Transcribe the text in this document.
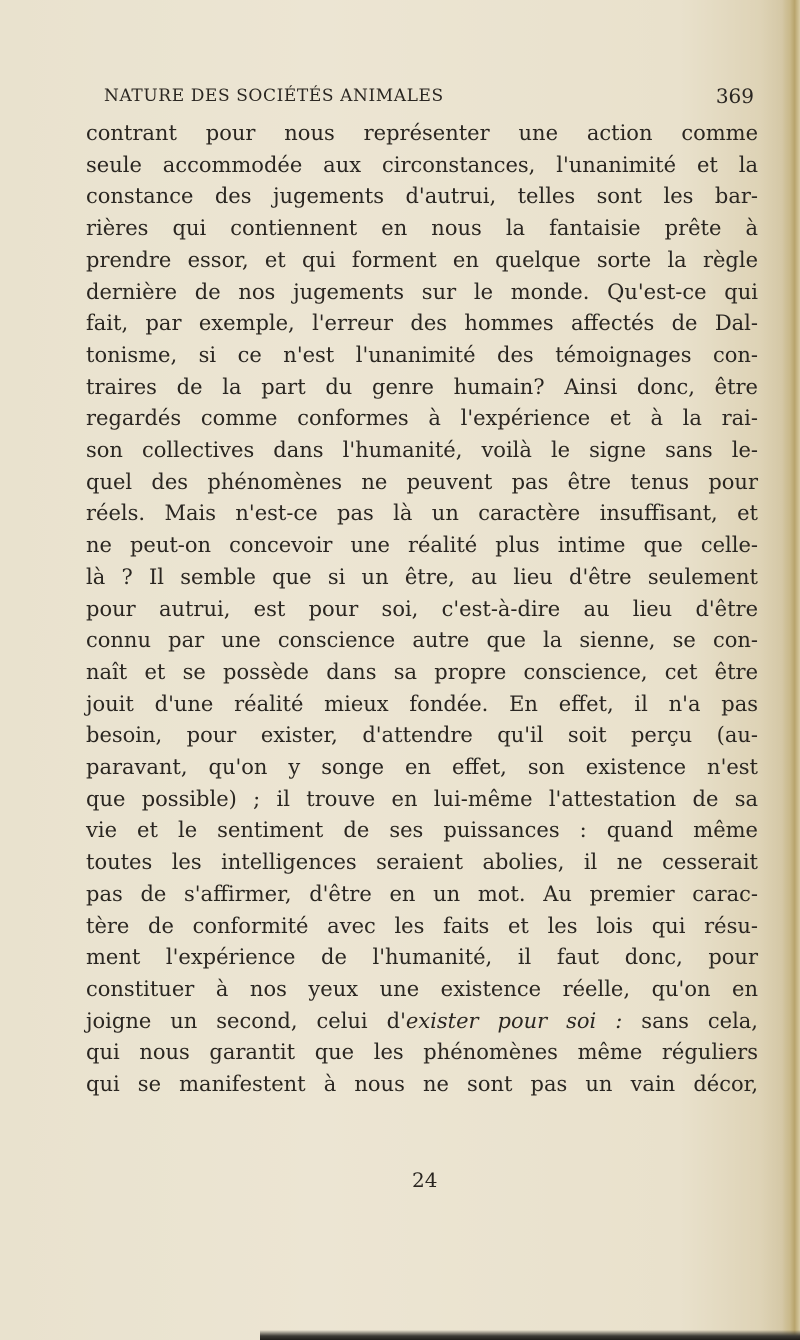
NATURE DES SOCIÉTÉS ANIMALES	369
contrant pour nous représenter une action comme
seule accommodée aux circonstances, l'unanimité et la
constance des jugements d'autrui, telles sont les bar-
rières qui contiennent en nous la fantaisie prête à
prendre essor, et qui forment en quelque sorte la règle
dernière de nos jugements sur le monde. Qu'est-ce qui
fait, par exemple, l'erreur des hommes affectés de Dal-
tonisme, si ce n'est l'unanimité des témoignages con-
traires de la part du genre humain? Ainsi donc, être
regardés comme conformes à l'expérience et à la rai-
son collectives dans l'humanité, voilà le signe sans le-
quel des phénomènes ne peuvent pas être tenus pour
réels. Mais n'est-ce pas là un caractère insuffisant, et
ne peut-on concevoir une réalité plus intime que celle-
là ? Il semble que si un être, au lieu d'être seulement
pour autrui, est pour soi, c'est-à-dire au lieu d'être
connu par une conscience autre que la sienne, se con-
naît et se possède dans sa propre conscience, cet être
jouit d'une réalité mieux fondée. En effet, il n'a pas
besoin, pour exister, d'attendre qu'il soit perçu (au-
paravant, qu'on y songe en effet, son existence n'est
que possible) ; il trouve en lui-même l'attestation de sa
vie et le sentiment de ses puissances : quand même
toutes les intelligences seraient abolies, il ne cesserait
pas de s'affirmer, d'être en un mot. Au premier carac-
tère de conformité avec les faits et les lois qui résu-
ment l'expérience de l'humanité, il faut donc, pour
constituer à nos yeux une existence réelle, qu'on en
joigne un second, celui d'exister pour soi : sans cela,
qui nous garantit que les phénomènes même réguliers
qui se manifestent à nous ne sont pas un vain décor,
24
